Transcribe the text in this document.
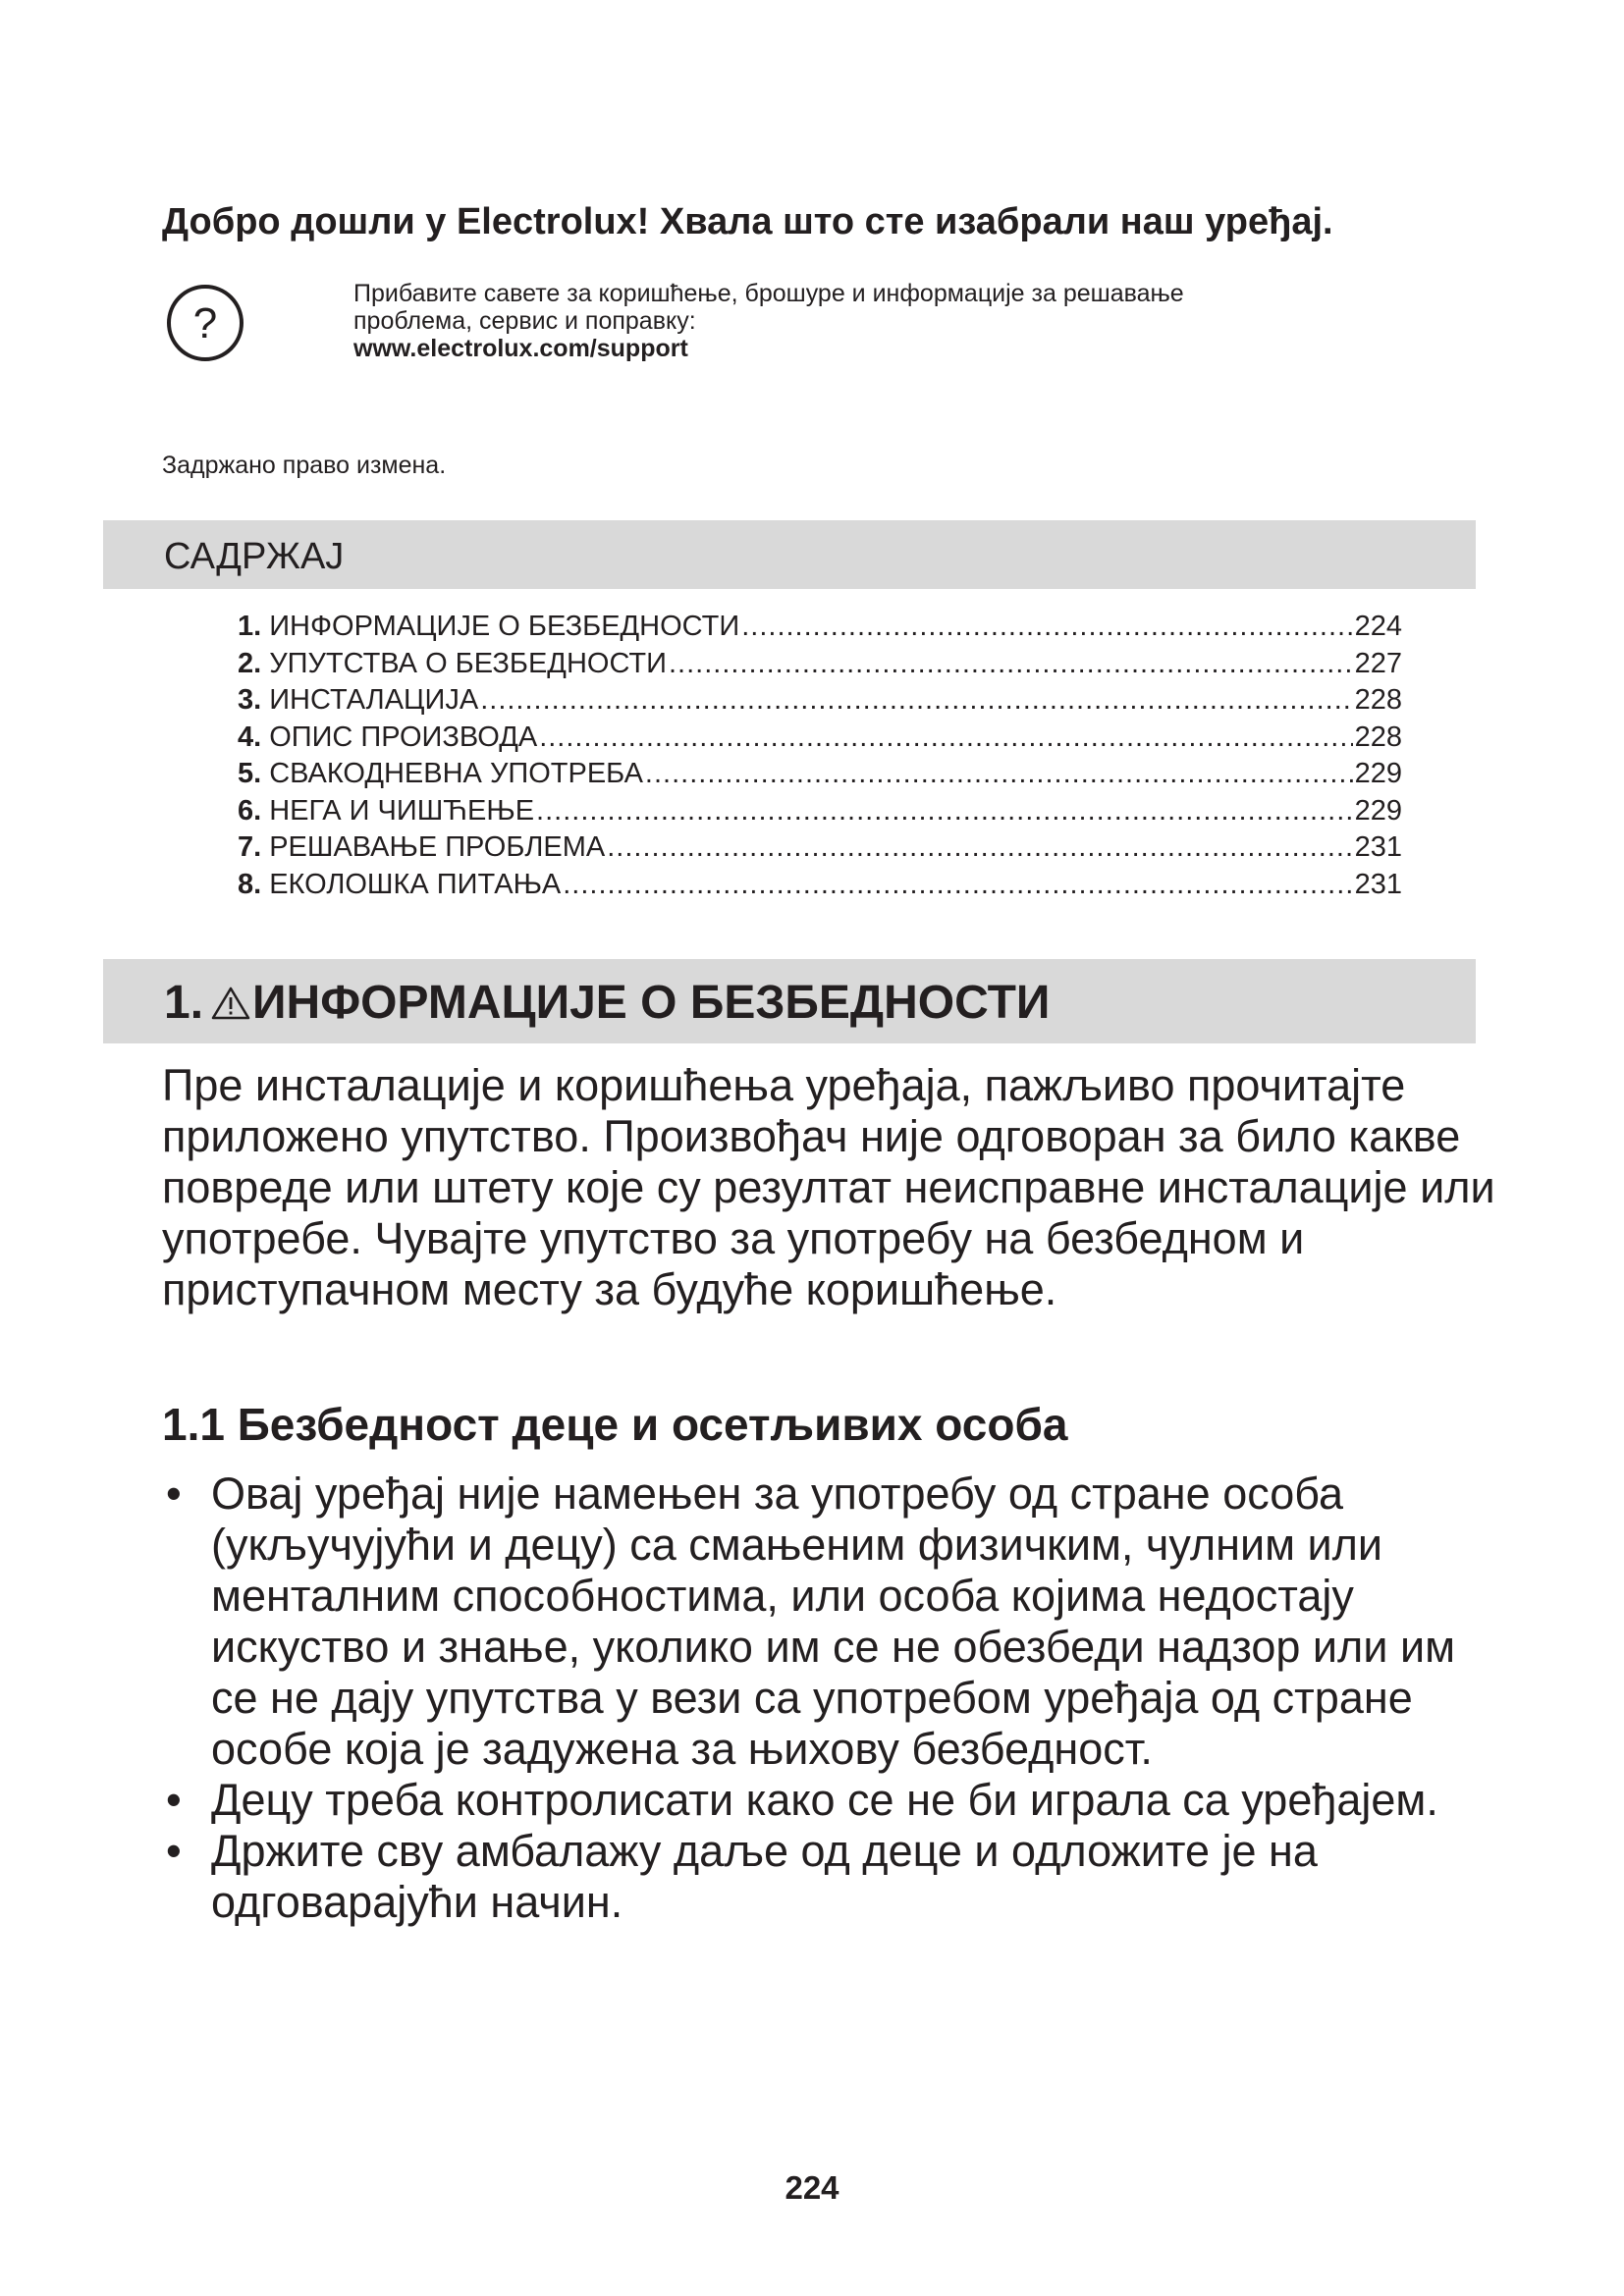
Добро дошли у Electrolux! Хвала што сте изабрали наш уређај.
?
Прибавите савете за коришћење, брошуре и информације за решавање
проблема, сервис и поправку:
www.electrolux.com/support
Задржано право измена.
САДРЖАЈ
1. ИНФОРМАЦИЈЕ О БЕЗБЕДНОСТИ .....	224
2. УПУТСТВА О БЕЗБЕДНОСТИ .....	227
3. ИНСТАЛАЦИЈА .....	228
4. ОПИС ПРОИЗВОДА .....	228
5. СВАКОДНЕВНА УПОТРЕБА .....	229
6. НЕГА И ЧИШЋЕЊЕ .....	229
7. РЕШАВАЊЕ ПРОБЛЕМА .....	231
8. ЕКОЛОШКА ПИТАЊА .....	231
1. ИНФОРМАЦИЈЕ О БЕЗБЕДНОСТИ

Пре инсталације и коришћења уређаја, пажљиво прочитајте приложено упутство. Произвођач није одговоран за било какве повреде или штету које су резултат неисправне инсталације или употребе. Чувајте упутство за употребу на безбедном и приступачном месту за будуће коришћење.

1.1 Безбедност деце и осетљивих особа
• Овај уређај није намењен за употребу од стране особа (укључујући и децу) са смањеним физичким, чулним или менталним способностима, или особа којима недостају искуство и знање, уколико им се не обезбеди надзор или им се не дају упутства у вези са употребом уређаја од стране особе која је задужена за њихову безбедност.
• Децу треба контролисати како се не би играла са уређајем.
• Држите сву амбалажу даље од деце и одложите је на одговарајући начин.
224
